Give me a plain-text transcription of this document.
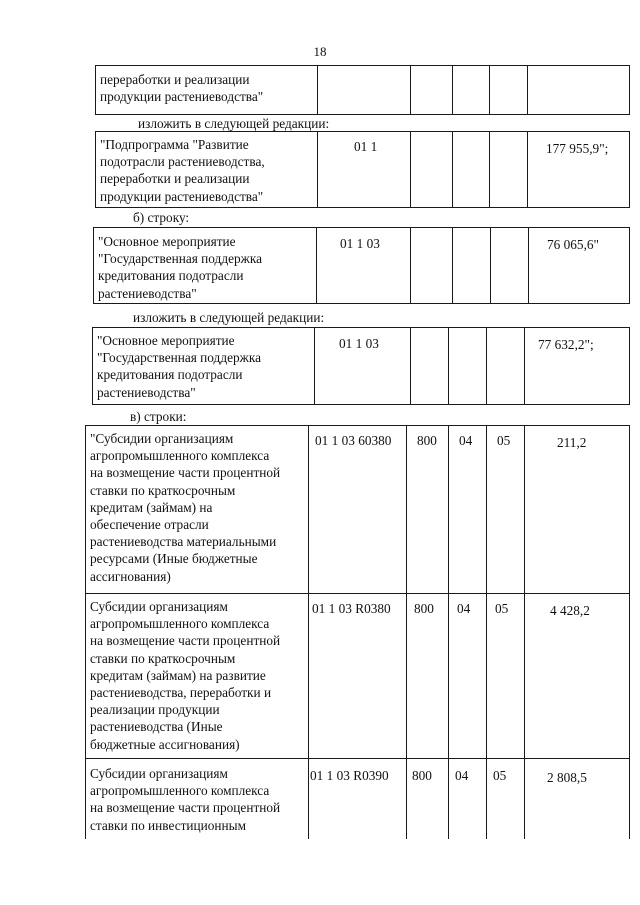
18
переработки и реализации
продукции растениеводства"
изложить в следующей редакции:
"Подпрограмма "Развитие
подотрасли растениеводства,
переработки и реализации
продукции растениеводства"
01 1	177 955,9";
б) строку:
"Основное мероприятие
"Государственная поддержка
кредитования подотрасли
растениеводства"
01 1 03	76 065,6"
изложить в следующей редакции:
"Основное мероприятие
"Государственная поддержка
кредитования подотрасли
растениеводства"
01 1 03	77 632,2";
в) строки:
"Субсидии организациям
агропромышленного комплекса
на возмещение части процентной
ставки по краткосрочным
кредитам (займам) на
обеспечение отрасли
растениеводства материальными
ресурсами (Иные бюджетные
ассигнования)
01 1 03 60380 800 04 05	211,2
Субсидии организациям
агропромышленного комплекса
на возмещение части процентной
ставки по краткосрочным
кредитам (займам) на развитие
растениеводства, переработки и
реализации продукции
растениеводства (Иные
бюджетные ассигнования)
01 1 03 R0380 800 04 05	4 428,2
Субсидии организациям
агропромышленного комплекса
на возмещение части процентной
ставки по инвестиционным
01 1 03 R0390 800 04 05	2 808,5
